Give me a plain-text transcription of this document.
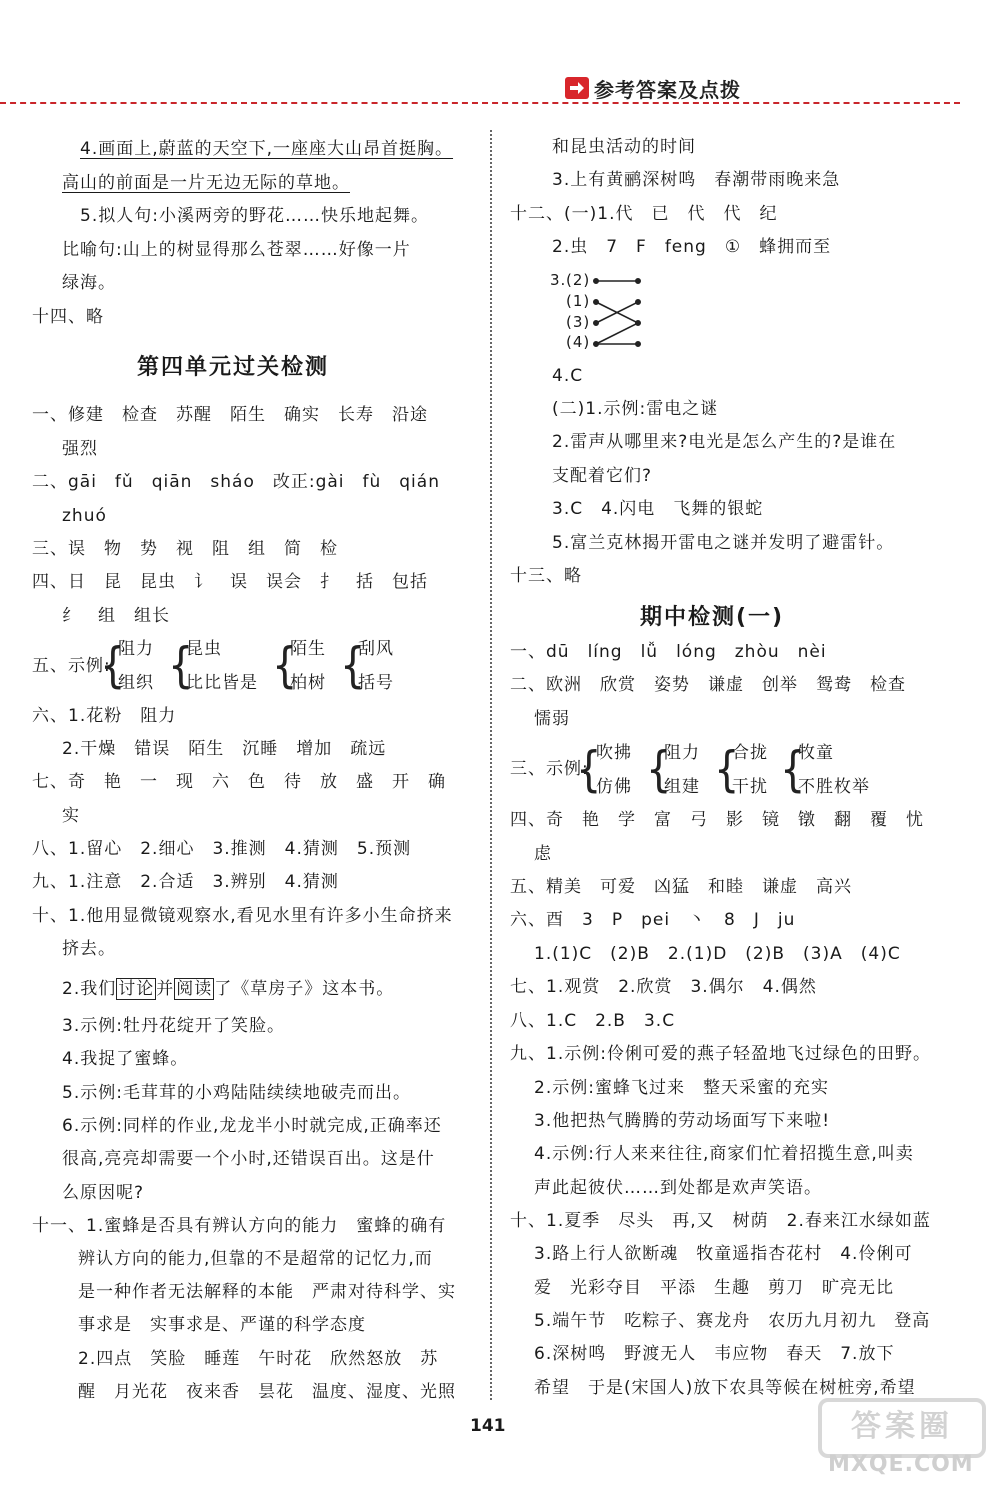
参考答案及点拨
4.画面上,蔚蓝的天空下,一座座大山昂首挺胸。
高山的前面是一片无边无际的草地。
5.拟人句:小溪两旁的野花……快乐地起舞。
比喻句:山上的树显得那么苍翠……好像一片
绿海。
十四、略
第四单元过关检测
一、修建　检查　苏醒　陌生　确实　长寿　沿途
强烈
二、gāi　fǔ　qiān　sháo　改正:gài　fù　qián
zhuó
三、误　物　势　视　阻　组　简　检
四、日　昆　昆虫　讠　误　误会　扌　括　包括
纟　组　组长
五、示例:
{
阻力
组织 {
昆虫
比比皆是 {
陌生
柏树 {
刮风
括号
六、1.花粉　阻力
2.干燥　错误　陌生　沉睡　增加　疏远
七、奇　艳　一　现　六　色　待　放　盛　开　确
实
八、1.留心　2.细心　3.推测　4.猜测　5.预测
九、1.注意　2.合适　3.辨别　4.猜测
十、1.他用显微镜观察水,看见水里有许多小生命挤来
挤去。
2.我们 讨论 并 阅读 了《草房子》这本书。
3.示例:牡丹花绽开了笑脸。
4.我捉了蜜蜂。
5.示例:毛茸茸的小鸡陆陆续续地破壳而出。
6.示例:同样的作业,龙龙半小时就完成,正确率还
很高,亮亮却需要一个小时,还错误百出。这是什
么原因呢?
十一、1.蜜蜂是否具有辨认方向的能力　蜜蜂的确有
辨认方向的能力,但靠的不是超常的记忆力,而
是一种作者无法解释的本能　严肃对待科学、实
事求是　实事求是、严谨的科学态度
2.四点　笑脸　睡莲　午时花　欣然怒放　苏
醒　月光花　夜来香　昙花　温度、湿度、光照
和昆虫活动的时间
3.上有黄鹂深树鸣　春潮带雨晚来急
十二、(一)1.代　已　代　代　纪
2.虫　7　F　feng　①　蜂拥而至
3. (2)
(1)
(3)
(4)
4.C
(二)1.示例:雷电之谜
2.雷声从哪里来?电光是怎么产生的?是谁在
支配着它们?
3.C　4.闪电　飞舞的银蛇
5.富兰克林揭开雷电之谜并发明了避雷针。
十三、略
期中检测(一)
一、dū　líng　lǚ　lóng　zhòu　nèi
二、欧洲　欣赏　姿势　谦虚　创举　鸳鸯　检查
懦弱
三、示例:
{
吹拂
仿佛 {
阻力
组建 {
合拢
干扰 {
牧童
不胜枚举
四、奇　艳　学　富　弓　影　镜　镦　翻　覆　忧
虑
五、精美　可爱　凶猛　和睦　谦虚　高兴
六、酉　3　P　pei　丶　8　J　ju
1.(1)C　(2)B　2.(1)D　(2)B　(3)A　(4)C
七、1.观赏　2.欣赏　3.偶尔　4.偶然
八、1.C　2.B　3.C
九、1.示例:伶俐可爱的燕子轻盈地飞过绿色的田野。
2.示例:蜜蜂飞过来　整天采蜜的充实
3.他把热气腾腾的劳动场面写下来啦!
4.示例:行人来来往往,商家们忙着招揽生意,叫卖
声此起彼伏……到处都是欢声笑语。
十、1.夏季　尽头　再,又　树荫　2.春来江水绿如蓝
3.路上行人欲断魂　牧童遥指杏花村　4.伶俐可
爱　光彩夺目　平添　生趣　剪刀　旷亮无比
5.端午节　吃粽子、赛龙舟　农历九月初九　登高
6.深树鸣　野渡无人　韦应物　春天　7.放下
希望　于是(宋国人)放下农具等候在树桩旁,希望
141	答案圈
MXQE.COM
